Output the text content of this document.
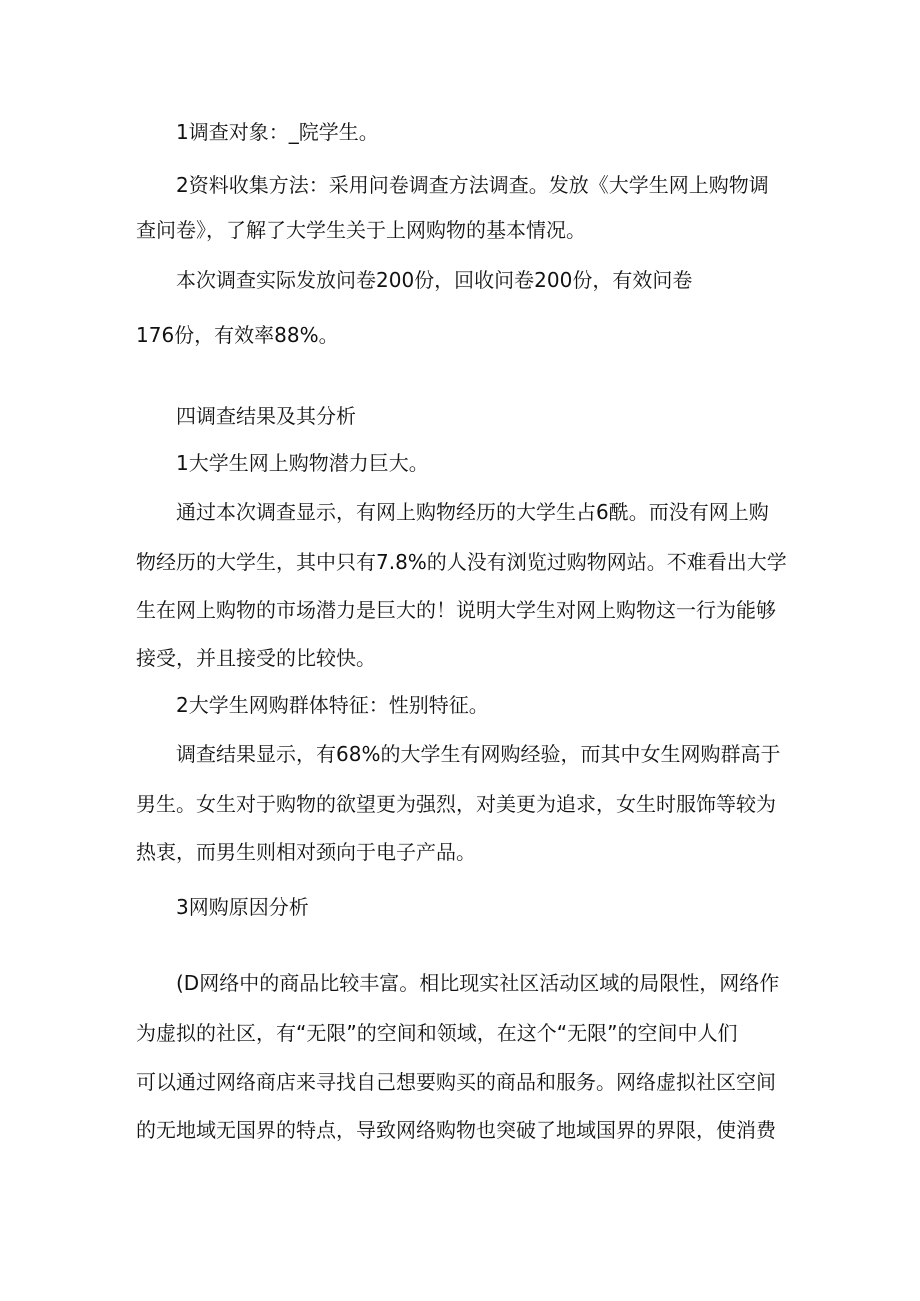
1调查对象：_院学生。

2资料收集方法：采用问卷调查方法调查。发放《大学生网上购物调

查问卷》，了解了大学生关于上网购物的基本情况。

本次调查实际发放问卷200份，回收问卷200份，有效问卷

176份，有效率88%。

四调查结果及其分析

1大学生网上购物潜力巨大。

通过本次调查显示，有网上购物经历的大学生占6酰。而没有网上购

物经历的大学生，其中只有7.8%的人没有浏览过购物网站。不难看出大学

生在网上购物的市场潜力是巨大的！说明大学生对网上购物这一行为能够

接受，并且接受的比较快。

2大学生网购群体特征：性别特征。

调查结果显示，有68%的大学生有网购经验，而其中女生网购群高于

男生。女生对于购物的欲望更为强烈，对美更为追求，女生时服饰等较为

热衷，而男生则相对颈向于电子产品。

3网购原因分析

(D网络中的商品比较丰富。相比现实社区活动区域的局限性，网络作

为虚拟的社区，有“无限”的空间和领域，在这个“无限”的空间中人们

可以通过网络商店来寻找自己想要购买的商品和服务。网络虚拟社区空间

的无地域无国界的特点，导致网络购物也突破了地域国界的界限，使消费
